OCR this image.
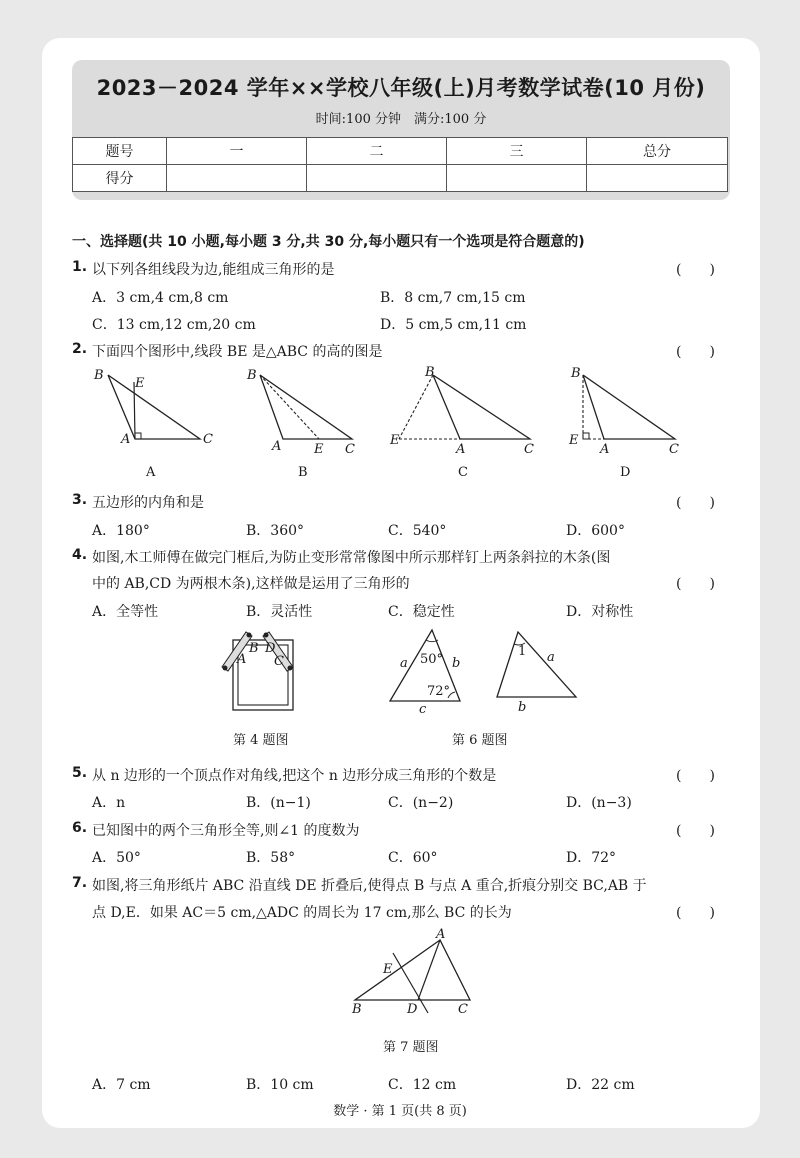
2023－2024 学年××学校八年级(上)月考数学试卷(10 月份)
时间:100 分钟　满分:100 分
题号	一	二	三	总分
得分				
一、选择题(共 10 小题,每小题 3 分,共 30 分,每小题只有一个选项是符合题意的)
1. 以下列各组线段为边,能组成三角形的是	(　　)
A．3 cm,4 cm,8 cm	B．8 cm,7 cm,15 cm
C．13 cm,12 cm,20 cm	D．5 cm,5 cm,11 cm
2. 下面四个图形中,线段 BE 是△ABC 的高的图是	(　　)
B
E
A	C
B
A	E C
B
E
A	C
B
E
A	C
A	B	C	D
3. 五边形的内角和是	(　　)
A．180°	B．360°	C．540°	D．600°
4. 如图,木工师傅在做完门框后,为防止变形常常像图中所示那样钉上两条斜拉的木条(图
中的 AB,CD 为两根木条),这样做是运用了三角形的	(　　)
A．全等性	B．灵活性	C．稳定性	D．对称性
B D
A C	50°
72°
a	b
c
1 a
b
第 4 题图	第 6 题图
5. 从 n 边形的一个顶点作对角线,把这个 n 边形分成三角形的个数是	(　　)
A．n	B．(n−1)	C．(n−2)	D．(n−3)
6. 已知图中的两个三角形全等,则∠1 的度数为	(　　)
A．50°	B．58°	C．60°	D．72°
7. 如图,将三角形纸片 ABC 沿直线 DE 折叠后,使得点 B 与点 A 重合,折痕分别交 BC,AB 于
点 D,E．如果 AC＝5 cm,△ADC 的周长为 17 cm,那么 BC 的长为	(　　)
A
E
B	D	C
第 7 题图
A．7 cm	B．10 cm	C．12 cm	D．22 cm
数学 · 第 1 页(共 8 页)
